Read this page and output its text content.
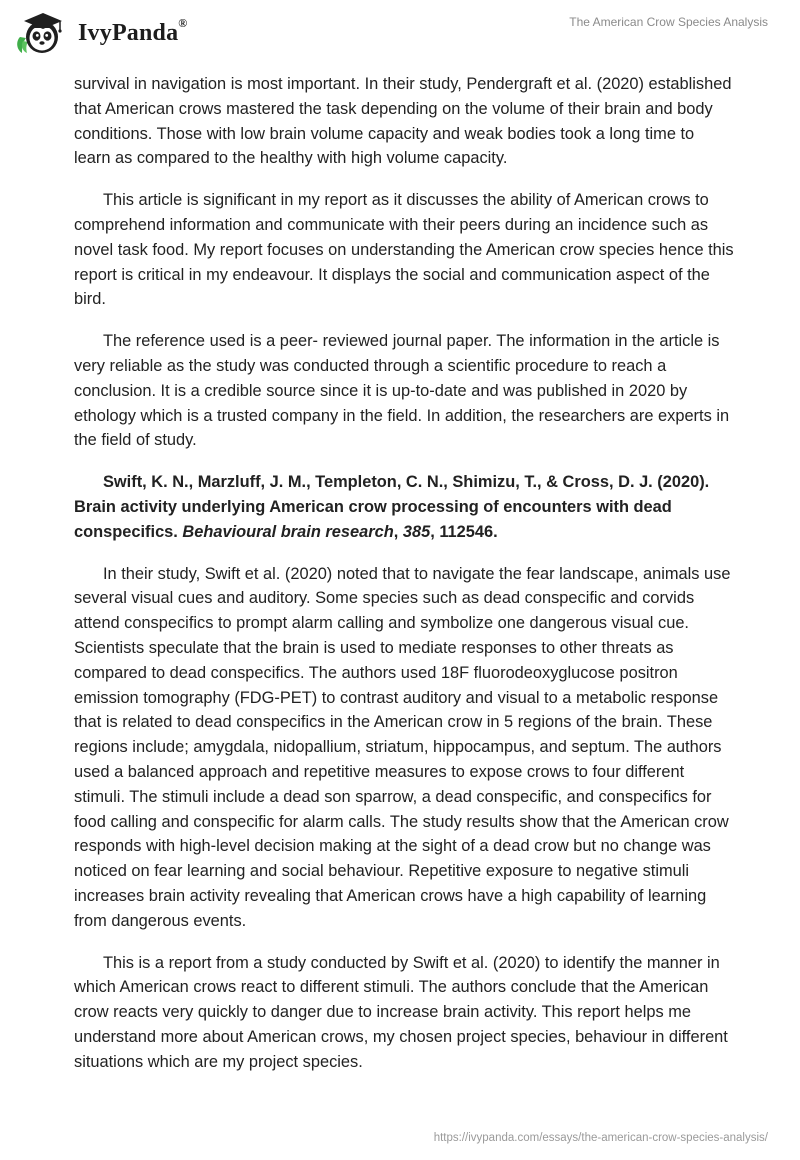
IvyPanda®	The American Crow Species Analysis

survival in navigation is most important. In their study, Pendergraft et al. (2020) established that American crows mastered the task depending on the volume of their brain and body conditions. Those with low brain volume capacity and weak bodies took a long time to learn as compared to the healthy with high volume capacity.

This article is significant in my report as it discusses the ability of American crows to comprehend information and communicate with their peers during an incidence such as novel task food. My report focuses on understanding the American crow species hence this report is critical in my endeavour. It displays the social and communication aspect of the bird.

The reference used is a peer- reviewed journal paper. The information in the article is very reliable as the study was conducted through a scientific procedure to reach a conclusion. It is a credible source since it is up-to-date and was published in 2020 by ethology which is a trusted company in the field. In addition, the researchers are experts in the field of study.

Swift, K. N., Marzluff, J. M., Templeton, C. N., Shimizu, T., & Cross, D. J. (2020). Brain activity underlying American crow processing of encounters with dead conspecifics. Behavioural brain research, 385, 112546.

In their study, Swift et al. (2020) noted that to navigate the fear landscape, animals use several visual cues and auditory. Some species such as dead conspecific and corvids attend conspecifics to prompt alarm calling and symbolize one dangerous visual cue. Scientists speculate that the brain is used to mediate responses to other threats as compared to dead conspecifics. The authors used 18F fluorodeoxyglucose positron emission tomography (FDG-PET) to contrast auditory and visual to a metabolic response that is related to dead conspecifics in the American crow in 5 regions of the brain. These regions include; amygdala, nidopallium, striatum, hippocampus, and septum. The authors used a balanced approach and repetitive measures to expose crows to four different stimuli. The stimuli include a dead son sparrow, a dead conspecific, and conspecifics for food calling and conspecific for alarm calls. The study results show that the American crow responds with high-level decision making at the sight of a dead crow but no change was noticed on fear learning and social behaviour. Repetitive exposure to negative stimuli increases brain activity revealing that American crows have a high capability of learning from dangerous events.

This is a report from a study conducted by Swift et al. (2020) to identify the manner in which American crows react to different stimuli. The authors conclude that the American crow reacts very quickly to danger due to increase brain activity. This report helps me understand more about American crows, my chosen project species, behaviour in different situations which are my project species.

https://ivypanda.com/essays/the-american-crow-species-analysis/
